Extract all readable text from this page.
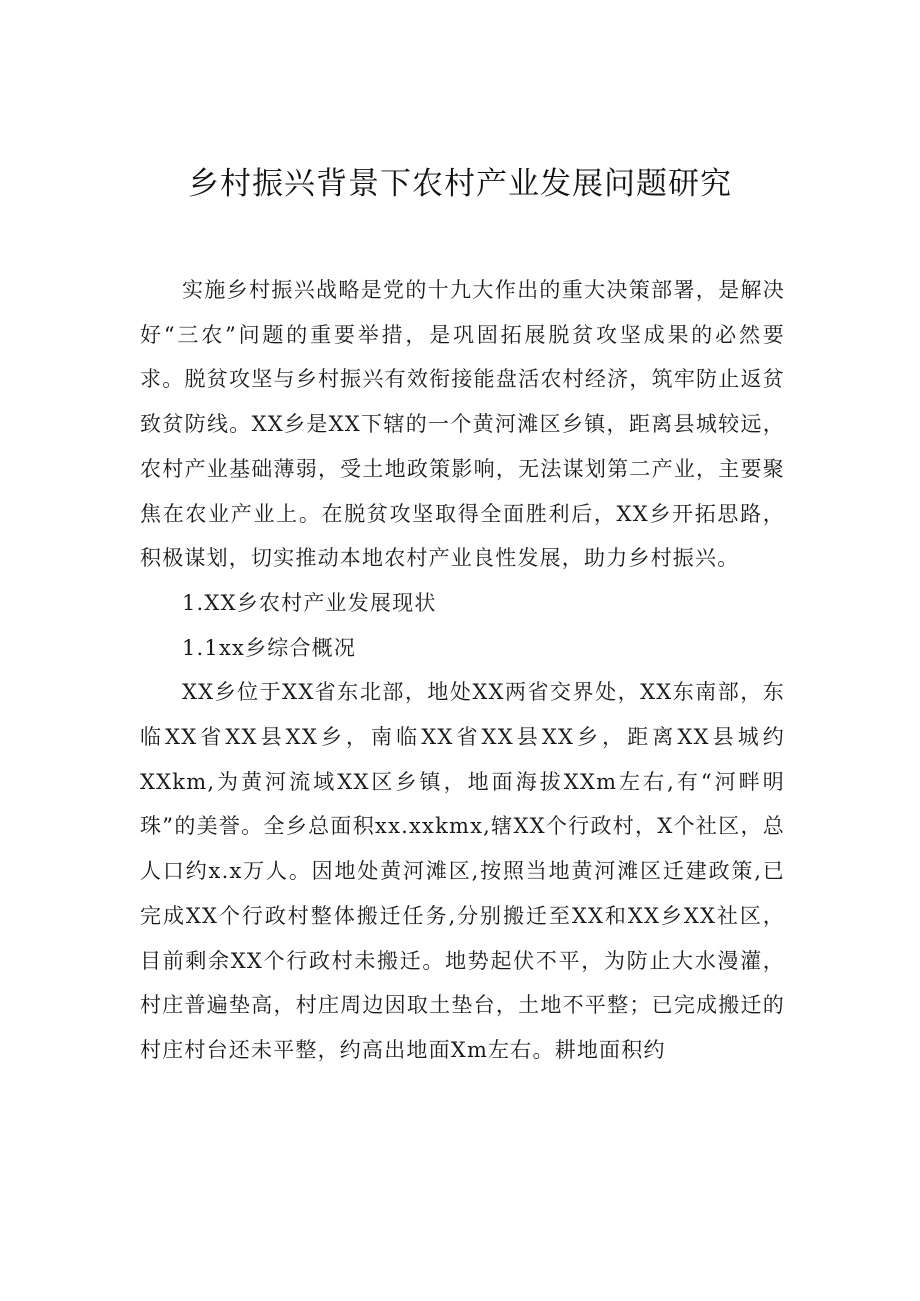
乡村振兴背景下农村产业发展问题研究

实施乡村振兴战略是党的十九大作出的重大决策部署，是解决好“三农”问题的重要举措，是巩固拓展脱贫攻坚成果的必然要求。脱贫攻坚与乡村振兴有效衔接能盘活农村经济，筑牢防止返贫致贫防线。XX乡是XX下辖的一个黄河滩区乡镇，距离县城较远，农村产业基础薄弱，受土地政策影响，无法谋划第二产业，主要聚焦在农业产业上。在脱贫攻坚取得全面胜利后，XX乡开拓思路，积极谋划，切实推动本地农村产业良性发展，助力乡村振兴。

1.XX乡农村产业发展现状

1.1xx乡综合概况

XX乡位于XX省东北部，地处XX两省交界处，XX东南部，东临XX省XX县XX乡，南临XX省XX县XX乡，距离XX县城约XXkm,为黄河流域XX区乡镇，地面海拔XXm左右,有“河畔明珠”的美誉。全乡总面积xx.xxkmx,辖XX个行政村，X个社区，总人口约x.x万人。因地处黄河滩区,按照当地黄河滩区迁建政策,已完成XX个行政村整体搬迁任务,分别搬迁至XX和XX乡XX社区，目前剩余XX个行政村未搬迁。地势起伏不平，为防止大水漫灌，村庄普遍垫高，村庄周边因取土垫台，土地不平整；已完成搬迁的村庄村台还未平整，约高出地面Xm左右。耕地面积约
